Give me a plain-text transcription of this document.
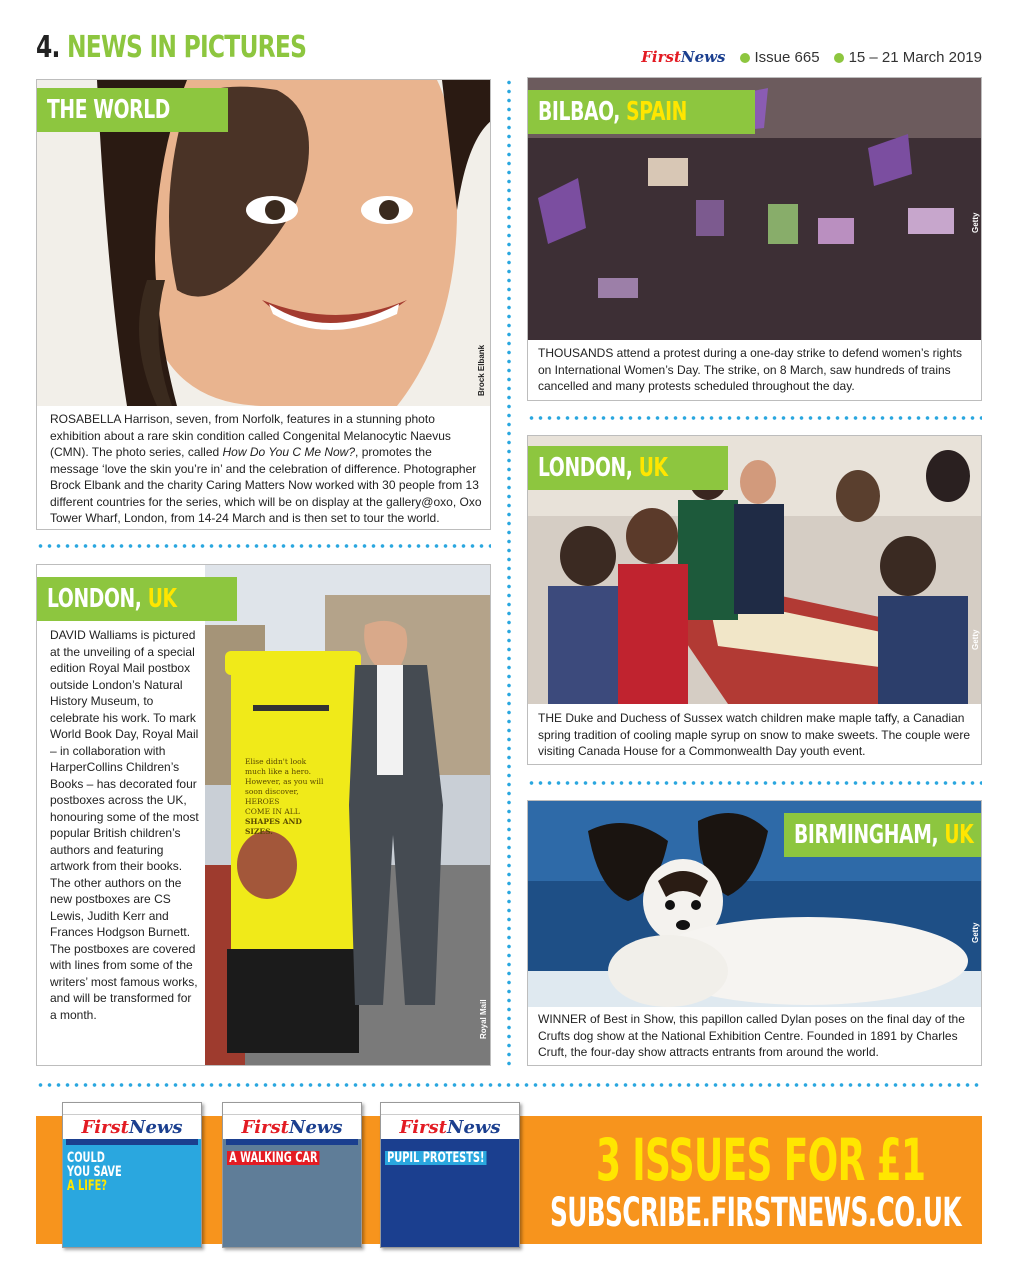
4. NEWS IN PICTURES	FirstNews	Issue 665	15 – 21 March 2019
THE WORLD
Brock Elbank
ROSABELLA Harrison, seven, from Norfolk, features in a stunning photo exhibition about a rare skin condition called Congenital Melanocytic Naevus (CMN). The photo series, called How Do You C Me Now?, promotes the message ‘love the skin you’re in’ and the celebration of difference. Photographer Brock Elbank and the charity Caring Matters Now worked with 30 people from 13 different countries for the series, which will be on display at the gallery@oxo, Oxo Tower Wharf, London, from 14-24 March and is then set to tour the world.
Elise didn't look
much like a hero.
However, as you will
soon discover, HEROES
COME IN ALL
SHAPES AND
SIZES.
LONDON, UK
Royal Mail
DAVID Walliams is pictured at the unveiling of a special edition Royal Mail postbox outside London’s Natural History Museum, to celebrate his work. To mark World Book Day, Royal Mail – in collaboration with HarperCollins Children’s Books – has decorated four postboxes across the UK, honouring some of the most popular British children’s authors and featuring artwork from their books. The other authors on the new postboxes are CS Lewis, Judith Kerr and Frances Hodgson Burnett. The postboxes are covered with lines from some of the writers’ most famous works, and will be transformed for a month.
BILBAO, SPAIN
Getty
THOUSANDS attend a protest during a one-day strike to defend women’s rights on International Women’s Day. The strike, on 8 March, saw hundreds of trains cancelled and many protests scheduled throughout the day.
LONDON, UK
Getty
THE Duke and Duchess of Sussex watch children make maple taffy, a Canadian spring tradition of cooling maple syrup on snow to make sweets. The couple were visiting Canada House for a Commonwealth Day youth event.
BIRMINGHAM, UK
Getty
WINNER of Best in Show, this papillon called Dylan poses on the final day of the Crufts dog show at the National Exhibition Centre. Founded in 1891 by Charles Cruft, the four-day show attracts entrants from around the world.
First News
COULD
YOU SAVE
A LIFE?
First News
A WALKING CAR
First News
PUPIL PROTESTS! 3 ISSUES FOR £1
SUBSCRIBE.FIRSTNEWS.CO.UK
